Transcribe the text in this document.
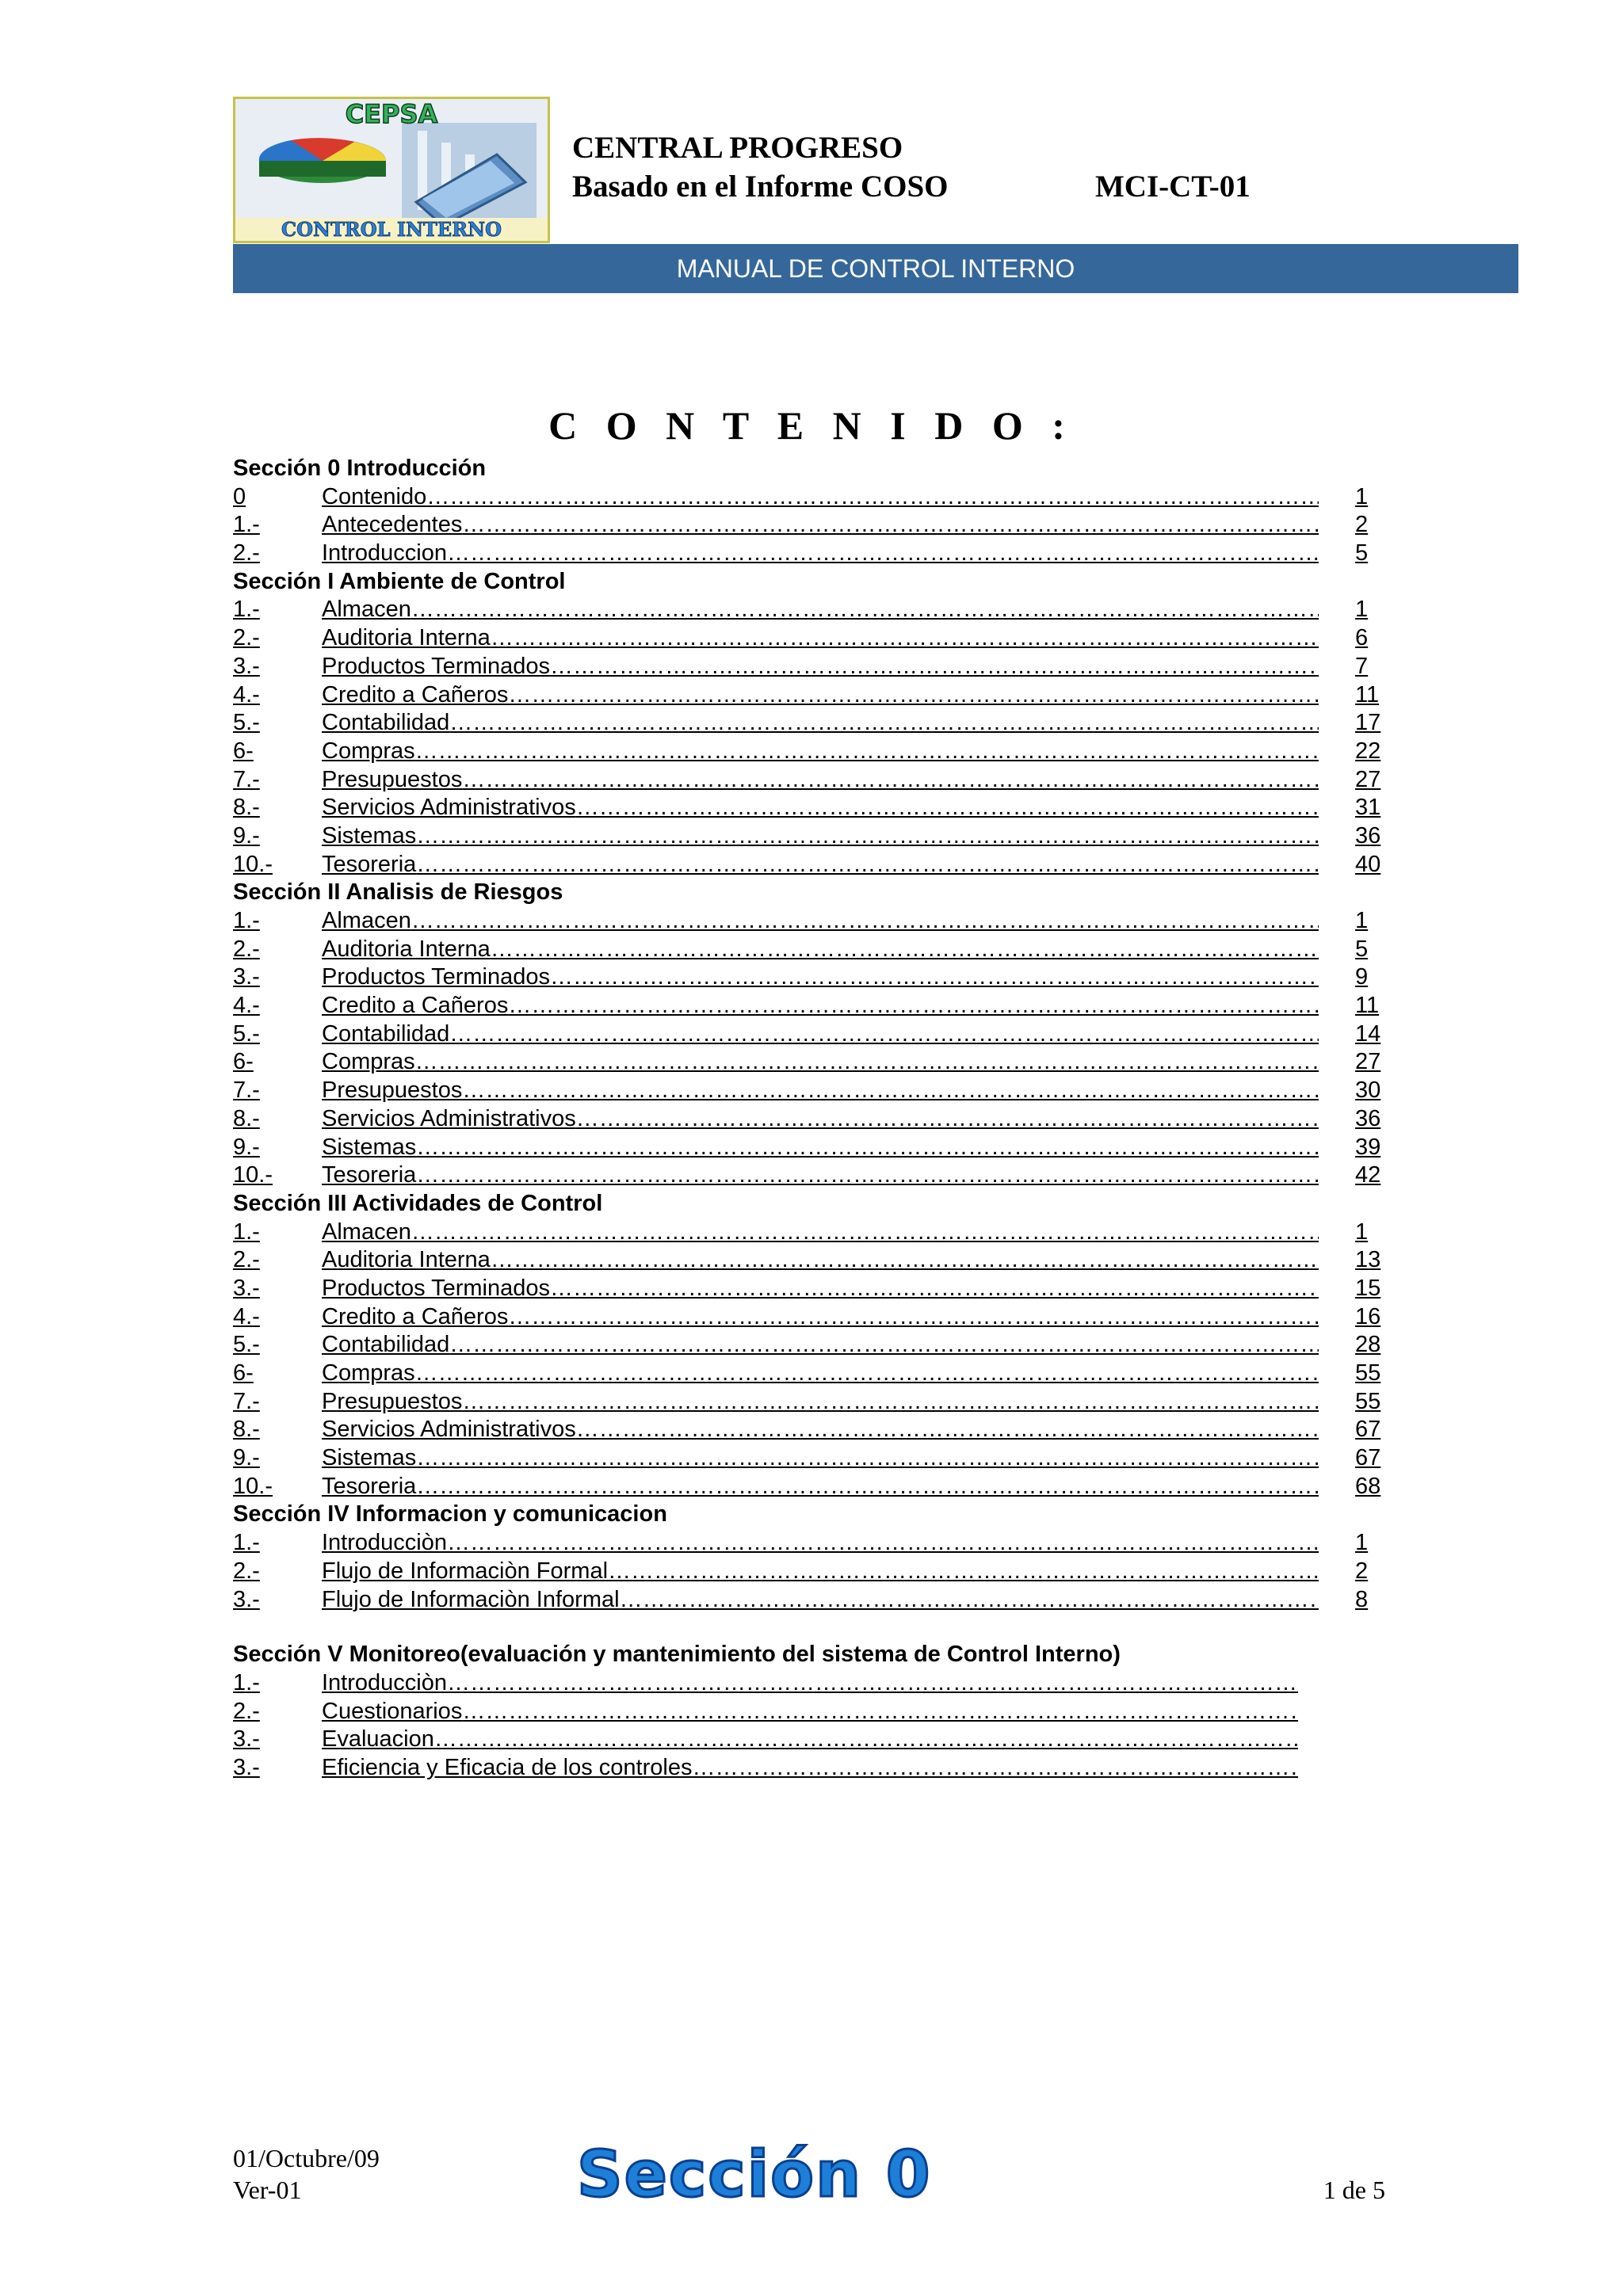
CEPSA
CONTROL INTERNO
CENTRAL PROGRESO
Basado en el Informe COSO	MCI-CT-01
MANUAL DE CONTROL INTERNO
C O N T E N I D O :
Sección 0 Introducción
0	Contenido ………………………………………………………………………………………………………………………………………………………………………………	1
1.-	Antecedentes ………………………………………………………………………………………………………………………………………………………………………………	2
2.-	Introduccion ………………………………………………………………………………………………………………………………………………………………………………	5
Sección I Ambiente de Control
1.-	Almacen ………………………………………………………………………………………………………………………………………………………………………………	1
2.-	Auditoria Interna ………………………………………………………………………………………………………………………………………………………………………………	6
3.-	Productos Terminados ………………………………………………………………………………………………………………………………………………………………………………	7
4.-	Credito a Cañeros ………………………………………………………………………………………………………………………………………………………………………………	11
5.-	Contabilidad ………………………………………………………………………………………………………………………………………………………………………………	17
6-	Compras ………………………………………………………………………………………………………………………………………………………………………………	22
7.-	Presupuestos ………………………………………………………………………………………………………………………………………………………………………………	27
8.-	Servicios Administrativos ………………………………………………………………………………………………………………………………………………………………………………	31
9.-	Sistemas ………………………………………………………………………………………………………………………………………………………………………………	36
10.- Tesoreria ………………………………………………………………………………………………………………………………………………………………………………	40
Sección II Analisis de Riesgos
1.-	Almacen ………………………………………………………………………………………………………………………………………………………………………………	1
2.-	Auditoria Interna ………………………………………………………………………………………………………………………………………………………………………………	5
3.-	Productos Terminados ………………………………………………………………………………………………………………………………………………………………………………	9
4.-	Credito a Cañeros ………………………………………………………………………………………………………………………………………………………………………………	11
5.-	Contabilidad ………………………………………………………………………………………………………………………………………………………………………………	14
6-	Compras ………………………………………………………………………………………………………………………………………………………………………………	27
7.-	Presupuestos ………………………………………………………………………………………………………………………………………………………………………………	30
8.-	Servicios Administrativos ………………………………………………………………………………………………………………………………………………………………………………	36
9.-	Sistemas ………………………………………………………………………………………………………………………………………………………………………………	39
10.- Tesoreria ………………………………………………………………………………………………………………………………………………………………………………	42
Sección III Actividades de Control
1.-	Almacen ………………………………………………………………………………………………………………………………………………………………………………	1
2.-	Auditoria Interna ………………………………………………………………………………………………………………………………………………………………………………	13
3.-	Productos Terminados ………………………………………………………………………………………………………………………………………………………………………………	15
4.-	Credito a Cañeros ………………………………………………………………………………………………………………………………………………………………………………	16
5.-	Contabilidad ………………………………………………………………………………………………………………………………………………………………………………	28
6-	Compras ………………………………………………………………………………………………………………………………………………………………………………	55
7.-	Presupuestos ………………………………………………………………………………………………………………………………………………………………………………	55
8.-	Servicios Administrativos ………………………………………………………………………………………………………………………………………………………………………………	67
9.-	Sistemas ………………………………………………………………………………………………………………………………………………………………………………	67
10.- Tesoreria ………………………………………………………………………………………………………………………………………………………………………………	68
Sección IV Informacion y comunicacion
1.-	Introducciòn ………………………………………………………………………………………………………………………………………………………………………………	1
2.-	Flujo de Informaciòn Formal ………………………………………………………………………………………………………………………………………………………………………………	2
3.-	Flujo de Informaciòn Informal ………………………………………………………………………………………………………………………………………………………………………………	8
Sección V Monitoreo(evaluación y mantenimiento del sistema de Control Interno)
1.-	Introducciòn ………………………………………………………………………………………………………………………………………………………………………………
2.-	Cuestionarios ………………………………………………………………………………………………………………………………………………………………………………
3.-	Evaluacion ………………………………………………………………………………………………………………………………………………………………………………
3.-	Eficiencia y Eficacia de los controles ………………………………………………………………………………………………………………………………………………………………………………
01/Octubre/09
Ver-01	Sección 0	1 de 5
